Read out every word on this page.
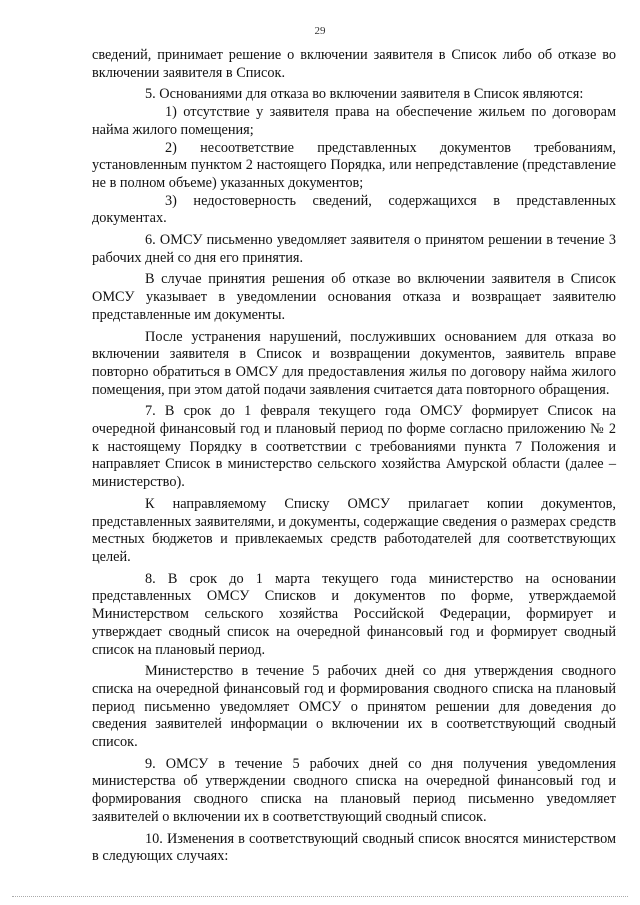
29

сведений, принимает решение о включении заявителя в Список либо об отказе во включении заявителя в Список.

5. Основаниями для отказа во включении заявителя в Список являются:

1) отсутствие у заявителя права на обеспечение жильем по договорам найма жилого помещения;

2) несоответствие представленных документов требованиям, установленным пунктом 2 настоящего Порядка, или непредставление (представление не в полном объеме) указанных документов;

3) недостоверность сведений, содержащихся в представленных документах.

6. ОМСУ письменно уведомляет заявителя о принятом решении в течение 3 рабочих дней со дня его принятия.

В случае принятия решения об отказе во включении заявителя в Список ОМСУ указывает в уведомлении основания отказа и возвращает заявителю представленные им документы.

После устранения нарушений, послуживших основанием для отказа во включении заявителя в Список и возвращении документов, заявитель вправе повторно обратиться в ОМСУ для предоставления жилья по договору найма жилого помещения, при этом датой подачи заявления считается дата повторного обращения.

7. В срок до 1 февраля текущего года ОМСУ формирует Список на очередной финансовый год и плановый период по форме согласно приложению № 2 к настоящему Порядку в соответствии с требованиями пункта 7 Положения и направляет Список в министерство сельского хозяйства Амурской области (далее – министерство).

К направляемому Списку ОМСУ прилагает копии документов, представленных заявителями, и документы, содержащие сведения о размерах средств местных бюджетов и привлекаемых средств работодателей для соответствующих целей.

8. В срок до 1 марта текущего года министерство на основании представленных ОМСУ Списков и документов по форме, утверждаемой Министерством сельского хозяйства Российской Федерации, формирует и утверждает сводный список на очередной финансовый год и формирует сводный список на плановый период.

Министерство в течение 5 рабочих дней со дня утверждения сводного списка на очередной финансовый год и формирования сводного списка на плановый период письменно уведомляет ОМСУ о принятом решении для доведения до сведения заявителей информации о включении их в соответствующий сводный список.

9. ОМСУ в течение 5 рабочих дней со дня получения уведомления министерства об утверждении сводного списка на очередной финансовый год и формирования сводного списка на плановый период письменно уведомляет заявителей о включении их в соответствующий сводный список.

10. Изменения в соответствующий сводный список вносятся министерством в следующих случаях:
